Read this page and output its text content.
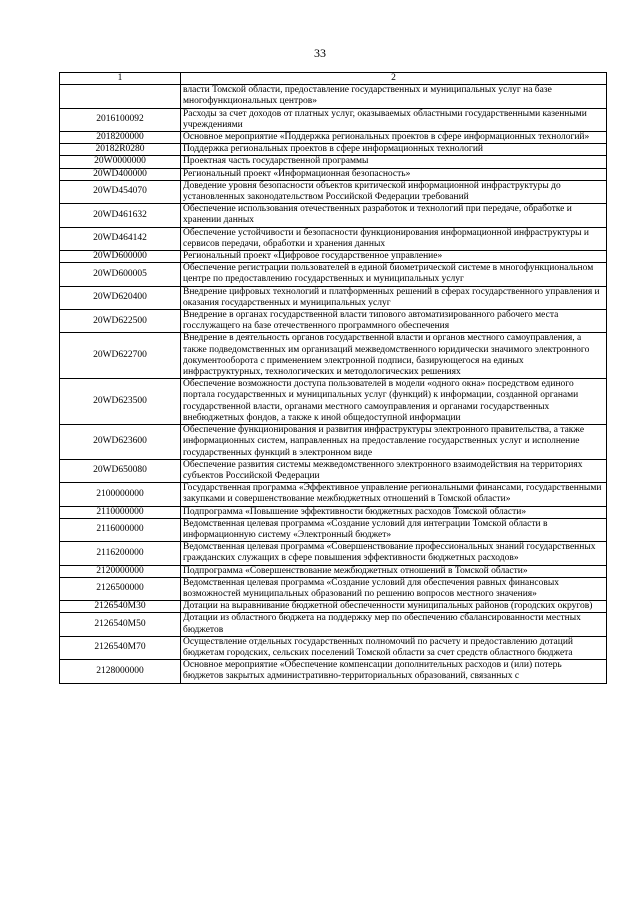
33
1	2
	власти Томской области, предоставление государственных и муниципальных услуг на базе многофункциональных центров»
2016100092	Расходы за счет доходов от платных услуг, оказываемых областными государственными казенными учреждениями
2018200000	Основное мероприятие «Поддержка региональных проектов в сфере информационных технологий»
20182R0280	Поддержка региональных проектов в сфере информационных технологий
20W0000000	Проектная часть государственной программы
20WD400000	Региональный проект «Информационная безопасность»
20WD454070	Доведение уровня безопасности объектов критической информационной инфраструктуры до установленных законодательством Российской Федерации требований
20WD461632	Обеспечение использования отечественных разработок и технологий при передаче, обработке и хранении данных
20WD464142	Обеспечение устойчивости и безопасности функционирования информационной инфраструктуры и сервисов передачи, обработки и хранения данных
20WD600000	Региональный проект «Цифровое государственное управление»
20WD600005	Обеспечение регистрации пользователей в единой биометрической системе в многофункциональном центре по предоставлению государственных и муниципальных услуг
20WD620400	Внедрение цифровых технологий и платформенных решений в сферах государственного управления и оказания государственных и муниципальных услуг
20WD622500	Внедрение в органах государственной власти типового автоматизированного рабочего места госслужащего на базе отечественного программного обеспечения
20WD622700	Внедрение в деятельность органов государственной власти и органов местного самоуправления, а также подведомственных им организаций межведомственного юридически значимого электронного документооборота с применением электронной подписи, базирующегося на единых инфраструктурных, технологических и методологических решениях
20WD623500	Обеспечение возможности доступа пользователей в модели «одного окна» посредством единого портала государственных и муниципальных услуг (функций) к информации, созданной органами государственной власти, органами местного самоуправления и органами государственных внебюджетных фондов, а также к иной общедоступной информации
20WD623600	Обеспечение функционирования и развития инфраструктуры электронного правительства, а также информационных систем, направленных на предоставление государственных услуг и исполнение государственных функций в электронном виде
20WD650080	Обеспечение развития системы межведомственного электронного взаимодействия на территориях субъектов Российской Федерации
2100000000	Государственная программа «Эффективное управление региональными финансами, государственными закупками и совершенствование межбюджетных отношений в Томской области»
2110000000	Подпрограмма «Повышение эффективности бюджетных расходов Томской области»
2116000000	Ведомственная целевая программа «Создание условий для интеграции Томской области в информационную систему «Электронный бюджет»
2116200000	Ведомственная целевая программа «Совершенствование профессиональных знаний государственных гражданских служащих в сфере повышения эффективности бюджетных расходов»
2120000000	Подпрограмма «Совершенствование межбюджетных отношений в Томской области»
2126500000	Ведомственная целевая программа «Создание условий для обеспечения равных финансовых возможностей муниципальных образований по решению вопросов местного значения»
2126540М30	Дотации на выравнивание бюджетной обеспеченности муниципальных районов (городских округов)
2126540М50	Дотации из областного бюджета на поддержку мер по обеспечению сбалансированности местных бюджетов
2126540М70	Осуществление отдельных государственных полномочий по расчету и предоставлению дотаций бюджетам городских, сельских поселений Томской области за счет средств областного бюджета
2128000000	Основное мероприятие «Обеспечение компенсации дополнительных расходов и (или) потерь бюджетов закрытых административно-территориальных образований, связанных с
